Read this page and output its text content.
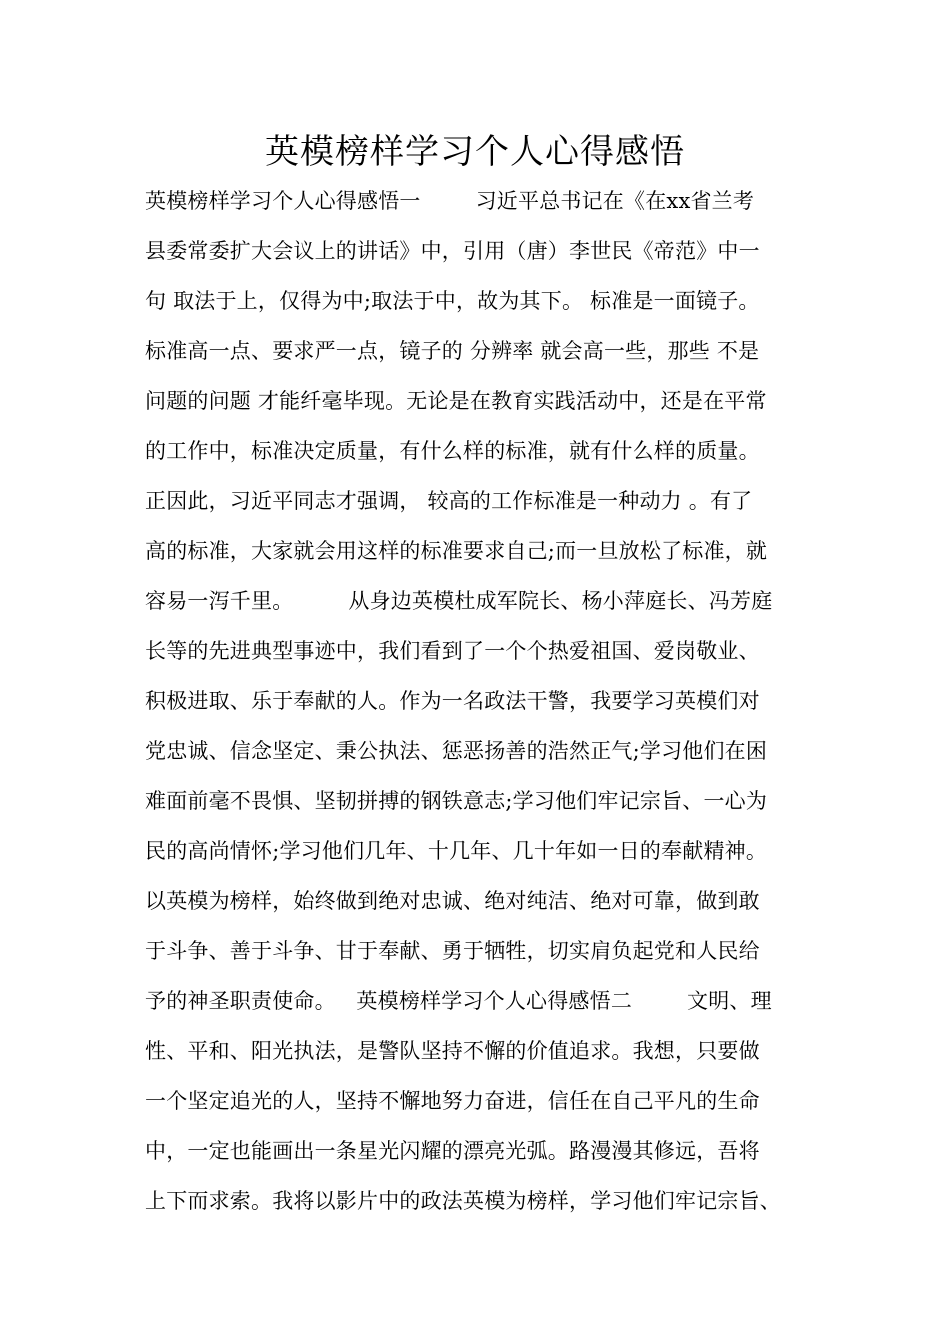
英模榜样学习个人心得感悟
英模榜样学习个人心得感悟一        习近平总书记在《在xx省兰考
县委常委扩大会议上的讲话》中，引用（唐）李世民《帝范》中一
句 取法于上，仅得为中;取法于中，故为其下。 标准是一面镜子。
标准高一点、要求严一点，镜子的 分辨率 就会高一些，那些 不是
问题的问题 才能纤毫毕现。无论是在教育实践活动中，还是在平常
的工作中，标准决定质量，有什么样的标准，就有什么样的质量。
正因此，习近平同志才强调， 较高的工作标准是一种动力 。有了
高的标准，大家就会用这样的标准要求自己;而一旦放松了标准，就
容易一泻千里。        从身边英模杜成军院长、杨小萍庭长、冯芳庭
长等的先进典型事迹中，我们看到了一个个热爱祖国、爱岗敬业、
积极进取、乐于奉献的人。作为一名政法干警，我要学习英模们对
党忠诚、信念坚定、秉公执法、惩恶扬善的浩然正气;学习他们在困
难面前毫不畏惧、坚韧拼搏的钢铁意志;学习他们牢记宗旨、一心为
民的高尚情怀;学习他们几年、十几年、几十年如一日的奉献精神。
以英模为榜样，始终做到绝对忠诚、绝对纯洁、绝对可靠，做到敢
于斗争、善于斗争、甘于奉献、勇于牺牲，切实肩负起党和人民给
予的神圣职责使命。   英模榜样学习个人心得感悟二        文明、理
性、平和、阳光执法，是警队坚持不懈的价值追求。我想，只要做
一个坚定追光的人，坚持不懈地努力奋进，信任在自己平凡的生命
中，一定也能画出一条星光闪耀的漂亮光弧。路漫漫其修远，吾将
上下而求索。我将以影片中的政法英模为榜样，学习他们牢记宗旨、
